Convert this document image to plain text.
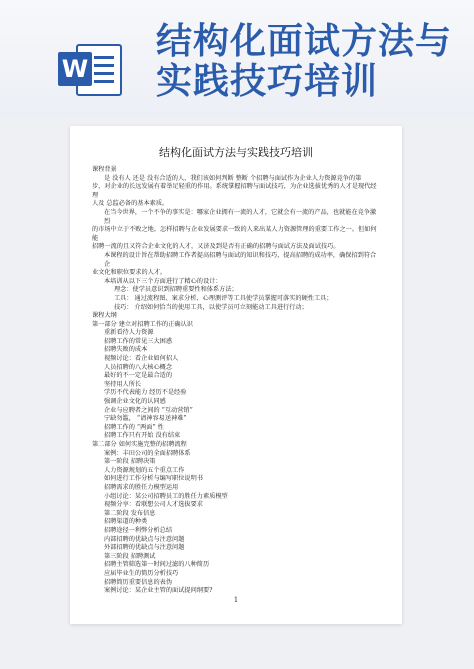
W
结构化面试方法与
实践技巧培训
结构化面试方法与实践技巧培训

课程背景

是 没有人 还是 没有合适的人，我们该如何判断 整断 个招聘与面试作为企业人力资源竞争的第

步，对企业的长远发展有着举足轻重的作用。系统掌握招聘与面试技巧，为企业选拔优秀的人才是现代经理

人及 总监必备的基本素质。

在当今世界，一个不争的事实是：哪家企业拥有一流的人才，它就会有一流的产品，也就能在竞争激烈

的市场中立于不败之地。怎样招聘与企业发展要求一致的人来出某人力资源管理的重要工作之一。但如何能

招聘一流的且又符合企业文化的人才，又济及到是否有正确的招聘与面试方法及面试技巧。

本课程的设计旨在帮助招聘工作者提高招聘与面试的知识和技巧，提高招聘的成功率，确保招到符合企

业文化和职位要求的人才。

本培训从以下三个方面进行了精心的设计：

理念：使学员意识到招聘重要性和体系方法；

工具： 通过流程图、案求分析、心理测评等工具使学员掌握可落实的硬性工具；

技巧： 介绍如何恰当的使用工具，以使学员可立刻能动工具进行行动；

课程大纲

第一部分 建立对招聘工作的正确认识

重新看待人力资源

招聘工作的常见三大困惑

招聘失败的成本

视频讨论：看企业如何招人

人员招聘的八大核心概念

最好的不一定是最合适的

坚持用人所长

学历不代表能力 经历不是经验

强调企业文化的认同感

企业与应聘者之间的 “互动营销”

宁缺勿滥， “请神容易送神难”

招聘工作的 “两面” 性

招聘工作只有开始 没有结束

第二部分 如何实施完整的招聘流程

案例：丰田公司的全面招聘体系

第一阶段 招聘决策

人力资源规划的五个重点工作

如何进行工作分析与编写职位说明书

招聘需求的胜任力模型运用

小组讨论：某公司招聘员工的胜任力素质模型

视频分享：看联想公司人才选拔要求

第二阶段 发布信息

招聘渠道的种类

招聘途径一利弊分析总结

内部招聘的优缺点与注意问题

外部招聘的优缺点与注意问题

第三阶段 招聘测试

招聘主管筛选第一时间过滤的八种简历

应届毕业生的简历分析技巧

招聘简历重要信息的表伪

案例讨论：某企业主管的面试提问纲要?

1
